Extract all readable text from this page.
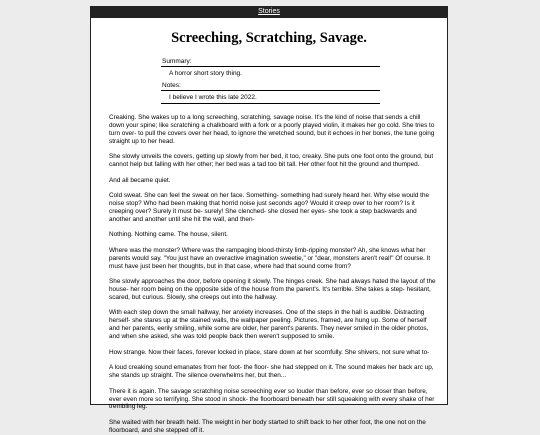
Stories
Screeching, Scratching, Savage.
Summary:
A horror short story thing.
Notes:
I believe I wrote this late 2022.

Creaking. She wakes up to a long screeching, scratching, savage noise. It's the kind of noise that sends a chill down your spine; like scratching a chalkboard with a fork or a poorly played violin, it makes her go cold. She tries to turn over- to pull the covers over her head, to ignore the wretched sound, but it echoes in her bones, the tune going straight up to her head.

She slowly unveils the covers, getting up slowly from her bed, it too, creaky. She puts one foot onto the ground, but cannot help but falling with her other; her bed was a tad too bit tall. Her other foot hit the ground and thumped.

And all became quiet.

Cold sweat. She can feel the sweat on her face. Something- something had surely heard her. Why else would the noise stop? Who had been making that horrid noise just seconds ago? Would it creep over to her room? Is it creeping over? Surely it must be- surely! She clenched- she closed her eyes- she took a step backwards and another and another until she hit the wall, and then-

Nothing. Nothing came. The house, silent.

Where was the monster? Where was the rampaging blood-thirsty limb-ripping monster? Ah, she knows what her parents would say. "You just have an overactive imagination sweetie," or "dear, monsters aren't real!" Of course. It must have just been her thoughts, but in that case, where had that sound come from?

She slowly approaches the door, before opening it slowly. The hinges creek. She had always hated the layout of the house- her room being on the opposite side of the house from the parent's. It's terrible. She takes a step- hesitant, scared, but curious. Slowly, she creeps out into the hallway.

With each step down the small hallway, her anxiety increases. One of the steps in the hall is audible. Distracting herself- she stares up at the stained walls, the wallpaper peeling. Pictures, framed, are hung up. Some of herself and her parents, eerily smiling, while some are older, her parent's parents. They never smiled in the older photos, and when she asked, she was told people back then weren't supposed to smile.

How strange. Now their faces, forever locked in place, stare down at her scornfully. She shivers, not sure what to-

A loud creaking sound emanates from her foot- the floor- she had stepped on it. The sound makes her back arc up, she stands up straight. The silence overwhelms her, but then...

There it is again. The savage scratching noise screeching ever so louder than before, ever so closer than before, ever even more so terrifying. She stood in shock- the floorboard beneath her still squeaking with every shake of her trembling leg.

She waited with her breath held. The weight in her body started to shift back to her other foot, the one not on the floorboard, and she stepped off it.
